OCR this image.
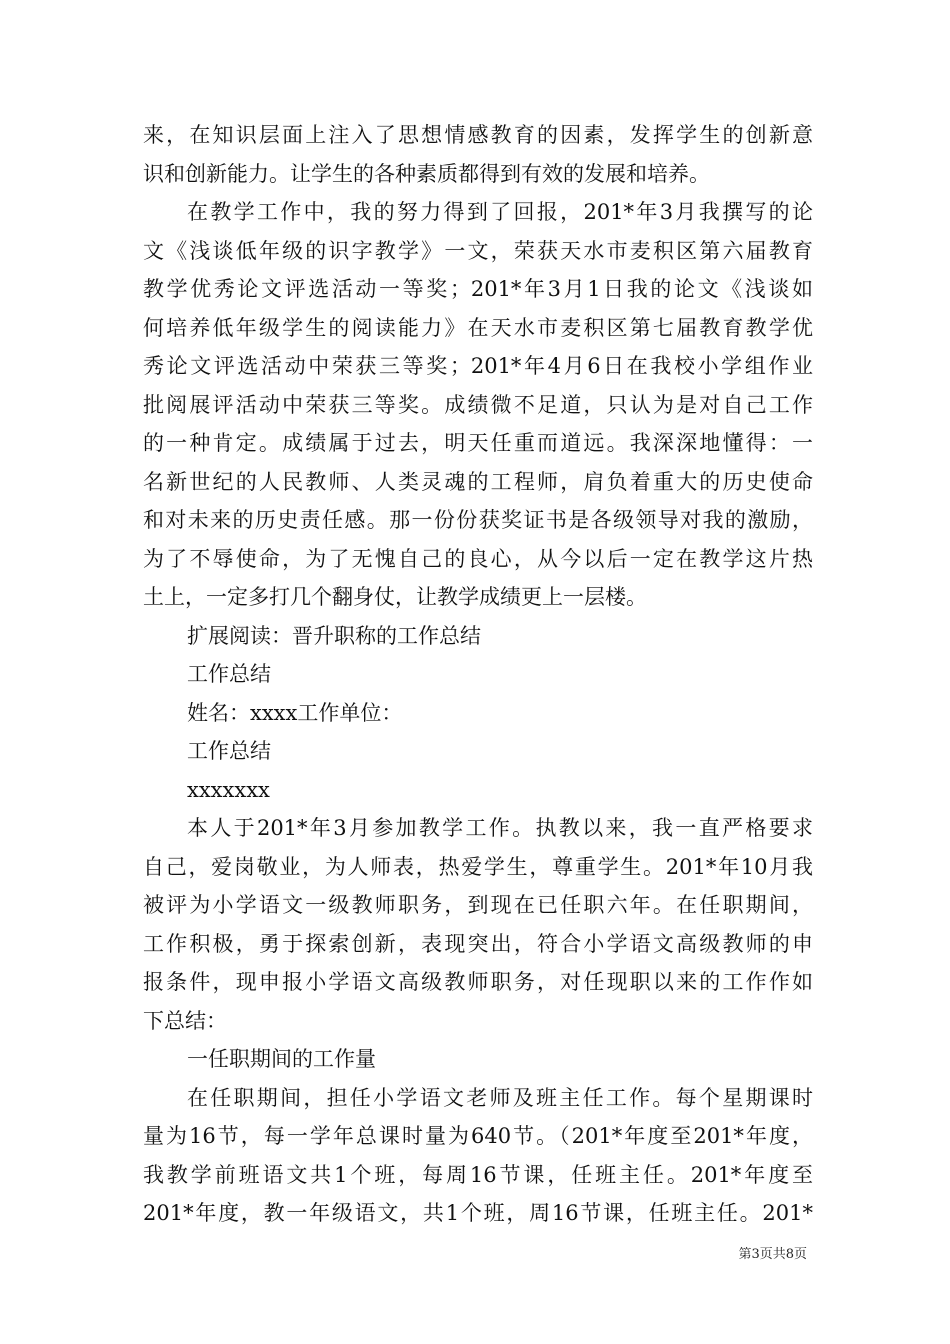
来，在知识层面上注入了思想情感教育的因素，发挥学生的创新意
识和创新能力。让学生的各种素质都得到有效的发展和培养。
在教学工作中，我的努力得到了回报，201*年3月我撰写的论
文《浅谈低年级的识字教学》一文，荣获天水市麦积区第六届教育
教学优秀论文评选活动一等奖；201*年3月1日我的论文《浅谈如
何培养低年级学生的阅读能力》在天水市麦积区第七届教育教学优
秀论文评选活动中荣获三等奖；201*年4月6日在我校小学组作业
批阅展评活动中荣获三等奖。成绩微不足道，只认为是对自己工作
的一种肯定。成绩属于过去，明天任重而道远。我深深地懂得：一
名新世纪的人民教师、人类灵魂的工程师，肩负着重大的历史使命
和对未来的历史责任感。那一份份获奖证书是各级领导对我的激励，
为了不辱使命，为了无愧自己的良心，从今以后一定在教学这片热
土上，一定多打几个翻身仗，让教学成绩更上一层楼。
扩展阅读：晋升职称的工作总结
工作总结
姓名：xxxx工作单位：
工作总结
xxxxxxx
本人于201*年3月参加教学工作。执教以来，我一直严格要求
自己，爱岗敬业，为人师表，热爱学生，尊重学生。201*年10月我
被评为小学语文一级教师职务，到现在已任职六年。在任职期间，
工作积极，勇于探索创新，表现突出，符合小学语文高级教师的申
报条件，现申报小学语文高级教师职务，对任现职以来的工作作如
下总结：
一任职期间的工作量
在任职期间，担任小学语文老师及班主任工作。每个星期课时
量为16节，每一学年总课时量为640节。（201*年度至201*年度，
我教学前班语文共1个班，每周16节课，任班主任。201*年度至
201*年度，教一年级语文，共1个班，周16节课，任班主任。201*
第3页共8页
